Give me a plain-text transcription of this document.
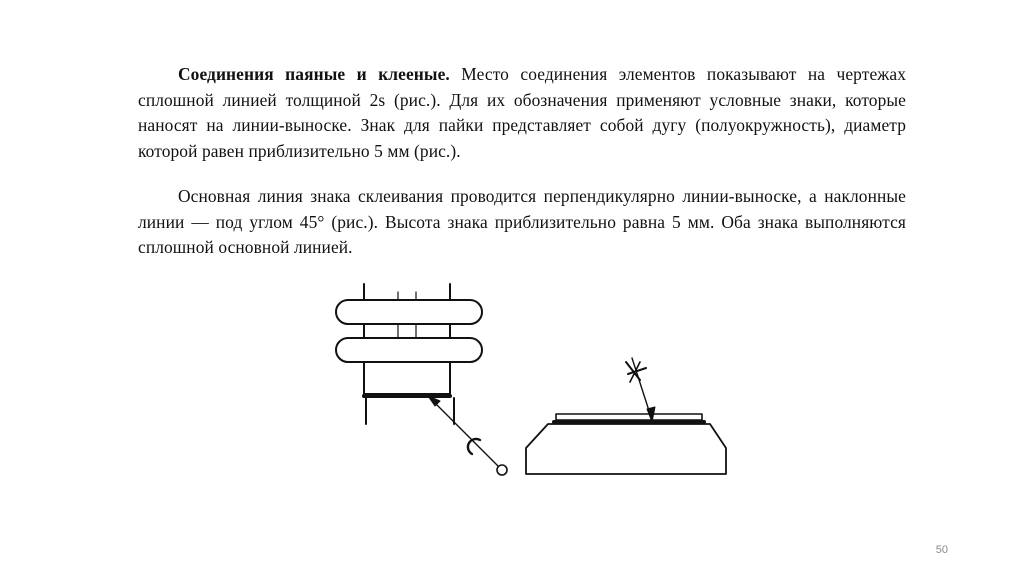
Соединения паяные и клееные. Место соединения элементов показывают на чертежах сплошной линией толщиной 2s (рис.). Для их обозначения применяют условные знаки, которые наносят на линии-выноске. Знак для пайки представляет собой дугу (полуокружность), диаметр которой равен приблизительно 5 мм (рис.).
Основная линия знака склеивания проводится перпендикулярно линии-выноске, а наклонные линии — под углом 45° (рис.). Высота знака приблизительно равна 5 мм. Оба знака выполняются сплошной основной линией.
50
